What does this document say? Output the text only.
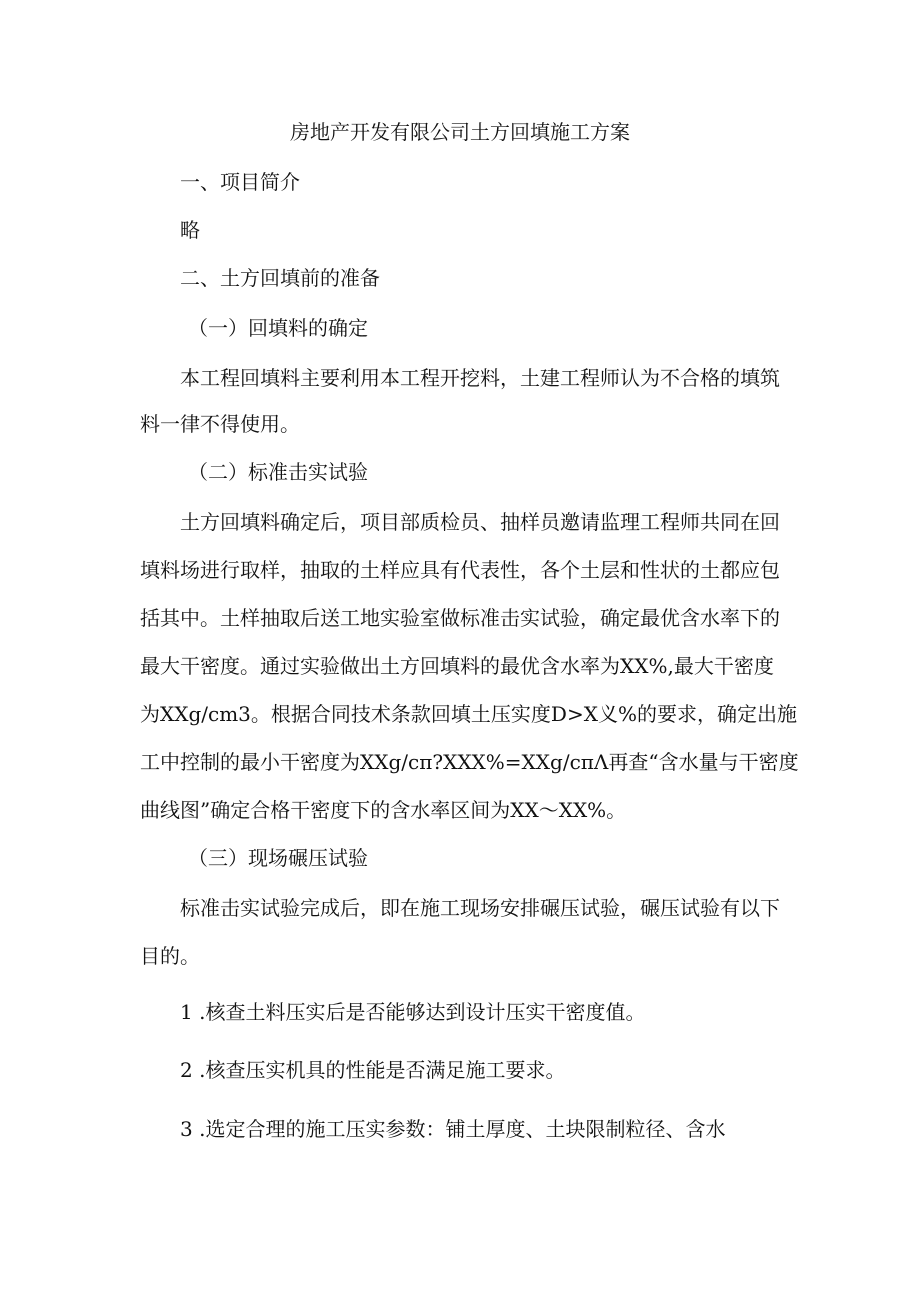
房地产开发有限公司土方回填施工方案

一、项目简介

略

二、土方回填前的准备

（一）回填料的确定

本工程回填料主要利用本工程开挖料，土建工程师认为不合格的填筑

料一律不得使用。

（二）标准击实试验

土方回填料确定后，项目部质检员、抽样员邀请监理工程师共同在回

填料场进行取样，抽取的土样应具有代表性，各个土层和性状的土都应包

括其中。土样抽取后送工地实验室做标准击实试验，确定最优含水率下的

最大干密度。通过实验做出土方回填料的最优含水率为XX%,最大干密度

为XXg/cm3。根据合同技术条款回填土压实度D>X义%的要求，确定出施

工中控制的最小干密度为XXg∕cπ?XXX%=XXg∕cπΛ再查“含水量与干密度

曲线图”确定合格干密度下的含水率区间为XX〜XX%。

（三）现场碾压试验

标准击实试验完成后，即在施工现场安排碾压试验，碾压试验有以下

目的。

1 .核查土料压实后是否能够达到设计压实干密度值。

2 .核查压实机具的性能是否满足施工要求。

3 .选定合理的施工压实参数：铺土厚度、土块限制粒径、含水
